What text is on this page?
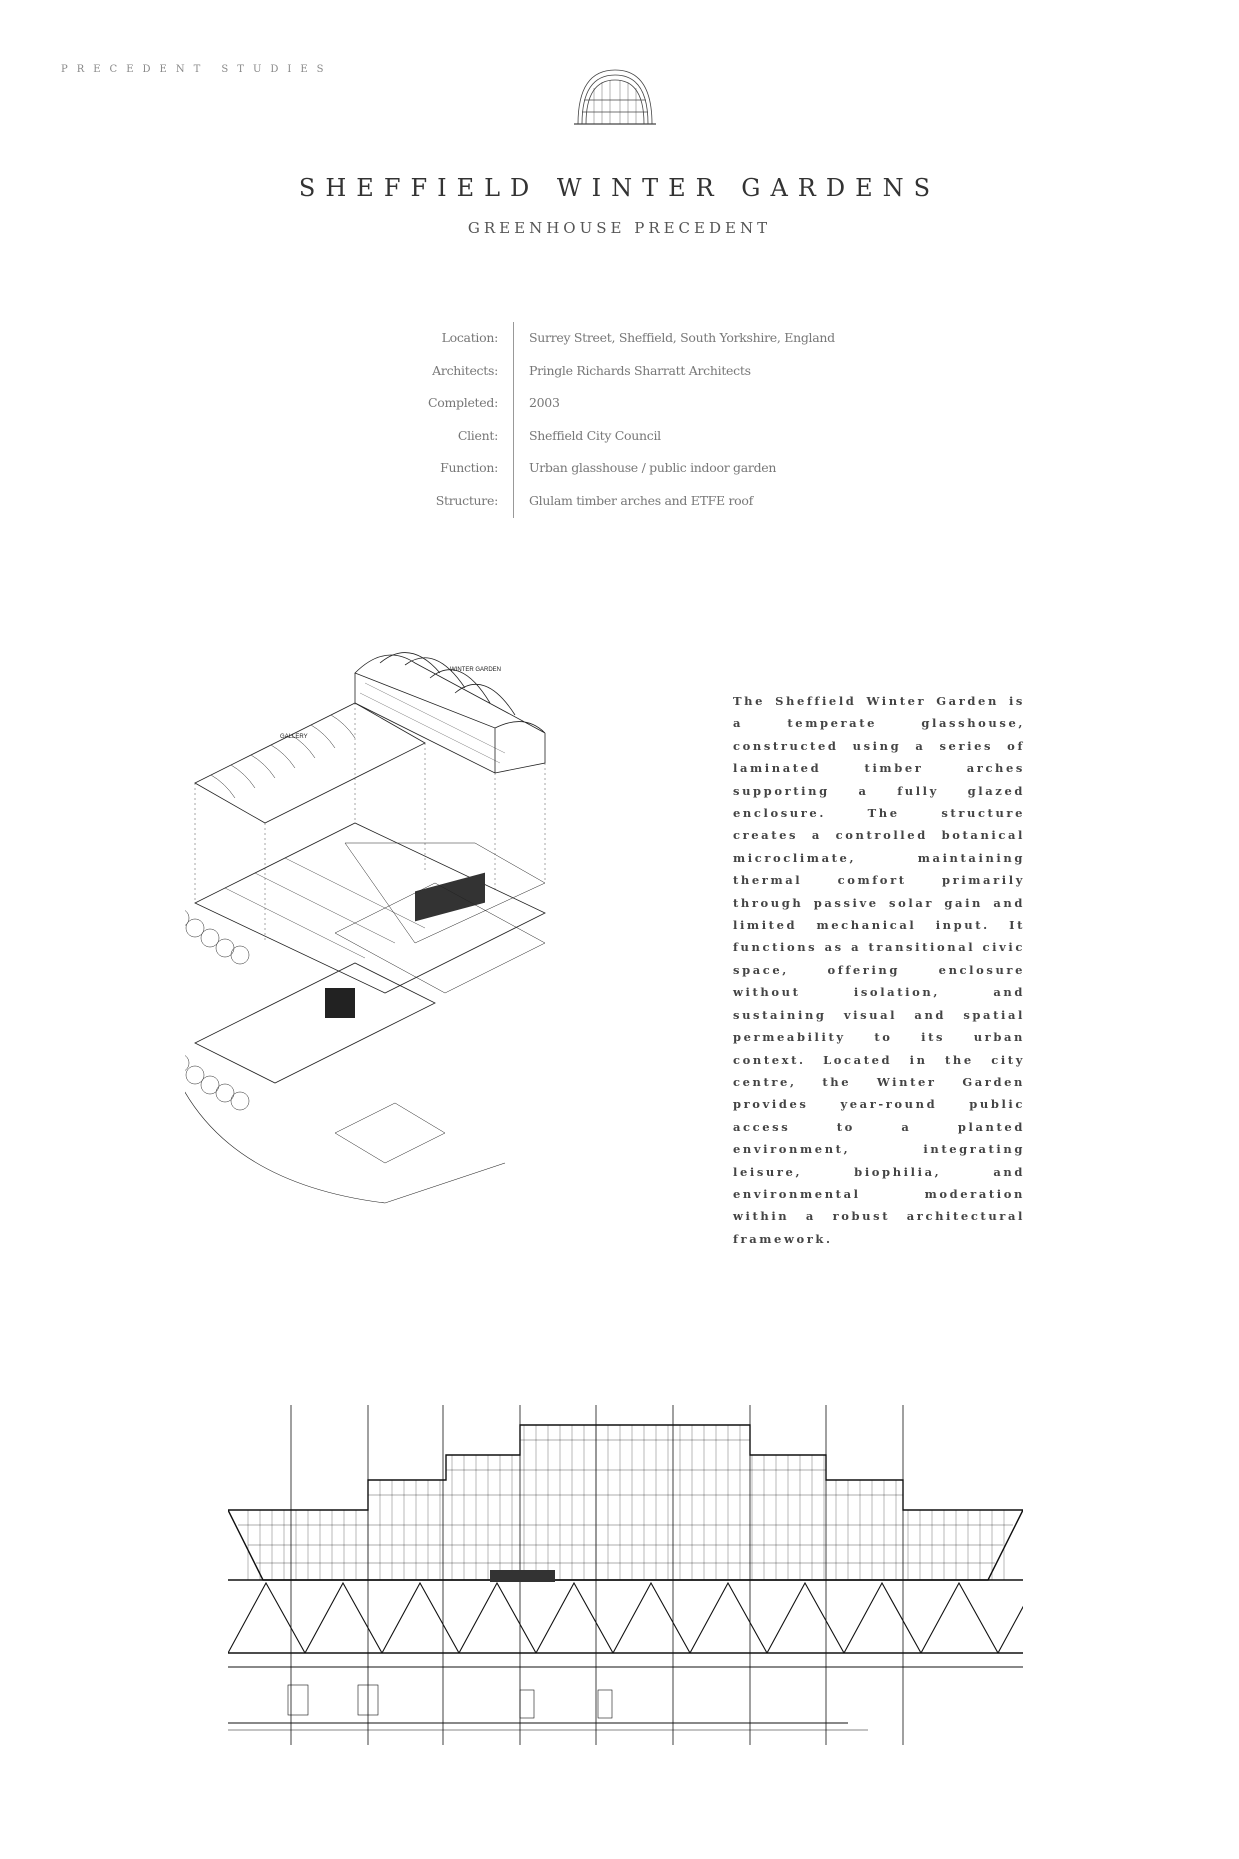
PRECEDENT STUDIES
SHEFFIELD WINTER GARDENS
GREENHOUSE PRECEDENT
Location: Surrey Street, Sheffield, South Yorkshire, England
Architects: Pringle Richards Sharratt Architects
Completed: 2003
Client: Sheffield City Council
Function: Urban glasshouse / public indoor garden
Structure: Glulam timber arches and ETFE roof
WINTER GARDEN
GALLERY
The Sheffield Winter Garden is a temperate glasshouse, constructed using a series of laminated timber arches supporting a fully glazed enclosure. The structure creates a controlled botanical microclimate, maintaining thermal comfort primarily through passive solar gain and limited mechanical input. It functions as a transitional civic space, offering enclosure without isolation, and sustaining visual and spatial permeability to its urban context. Located in the city centre, the Winter Garden provides year-round public access to a planted environment, integrating leisure, biophilia, and environmental moderation within a robust architectural framework.
